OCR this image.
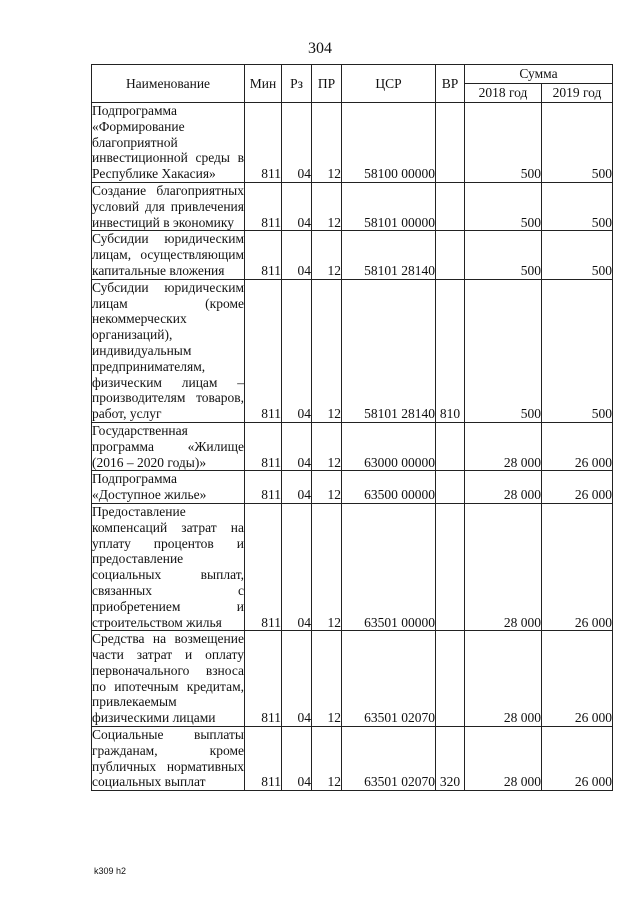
304
Наименование	Мин	Рз	ПР	ЦСР	ВР	Сумма	
						2018 год	2019 год
Подпрограмма «Формирование благоприятной инвестиционной среды в Республике Хакасия»	811	04	12	58100 00000		500	500
Создание благоприятных условий для привлечения инвестиций в экономику	811	04	12	58101 00000		500	500
Субсидии юридическим лицам, осуществляющим капитальные вложения	811	04	12	58101 28140		500	500
Субсидии юридическим лицам (кроме некоммерческих организаций), индивидуальным предпринимателям, физическим лицам – производителям товаров, работ, услуг	811	04	12	58101 28140	810	500	500
Государственная программа «Жилище (2016 – 2020 годы)»	811	04	12	63000 00000		28 000	26 000
Подпрограмма «Доступное жилье»	811	04	12	63500 00000		28 000	26 000
Предоставление компенсаций затрат на уплату процентов и предоставление социальных выплат, связанных с приобретением и строительством жилья	811	04	12	63501 00000		28 000	26 000
Средства на возмещение части затрат и оплату первоначального взноса по ипотечным кредитам, привлекаемым физическими лицами	811	04	12	63501 02070		28 000	26 000
Социальные выплаты гражданам, кроме публичных нормативных социальных выплат	811	04	12	63501 02070	320	28 000	26 000
k309 h2
